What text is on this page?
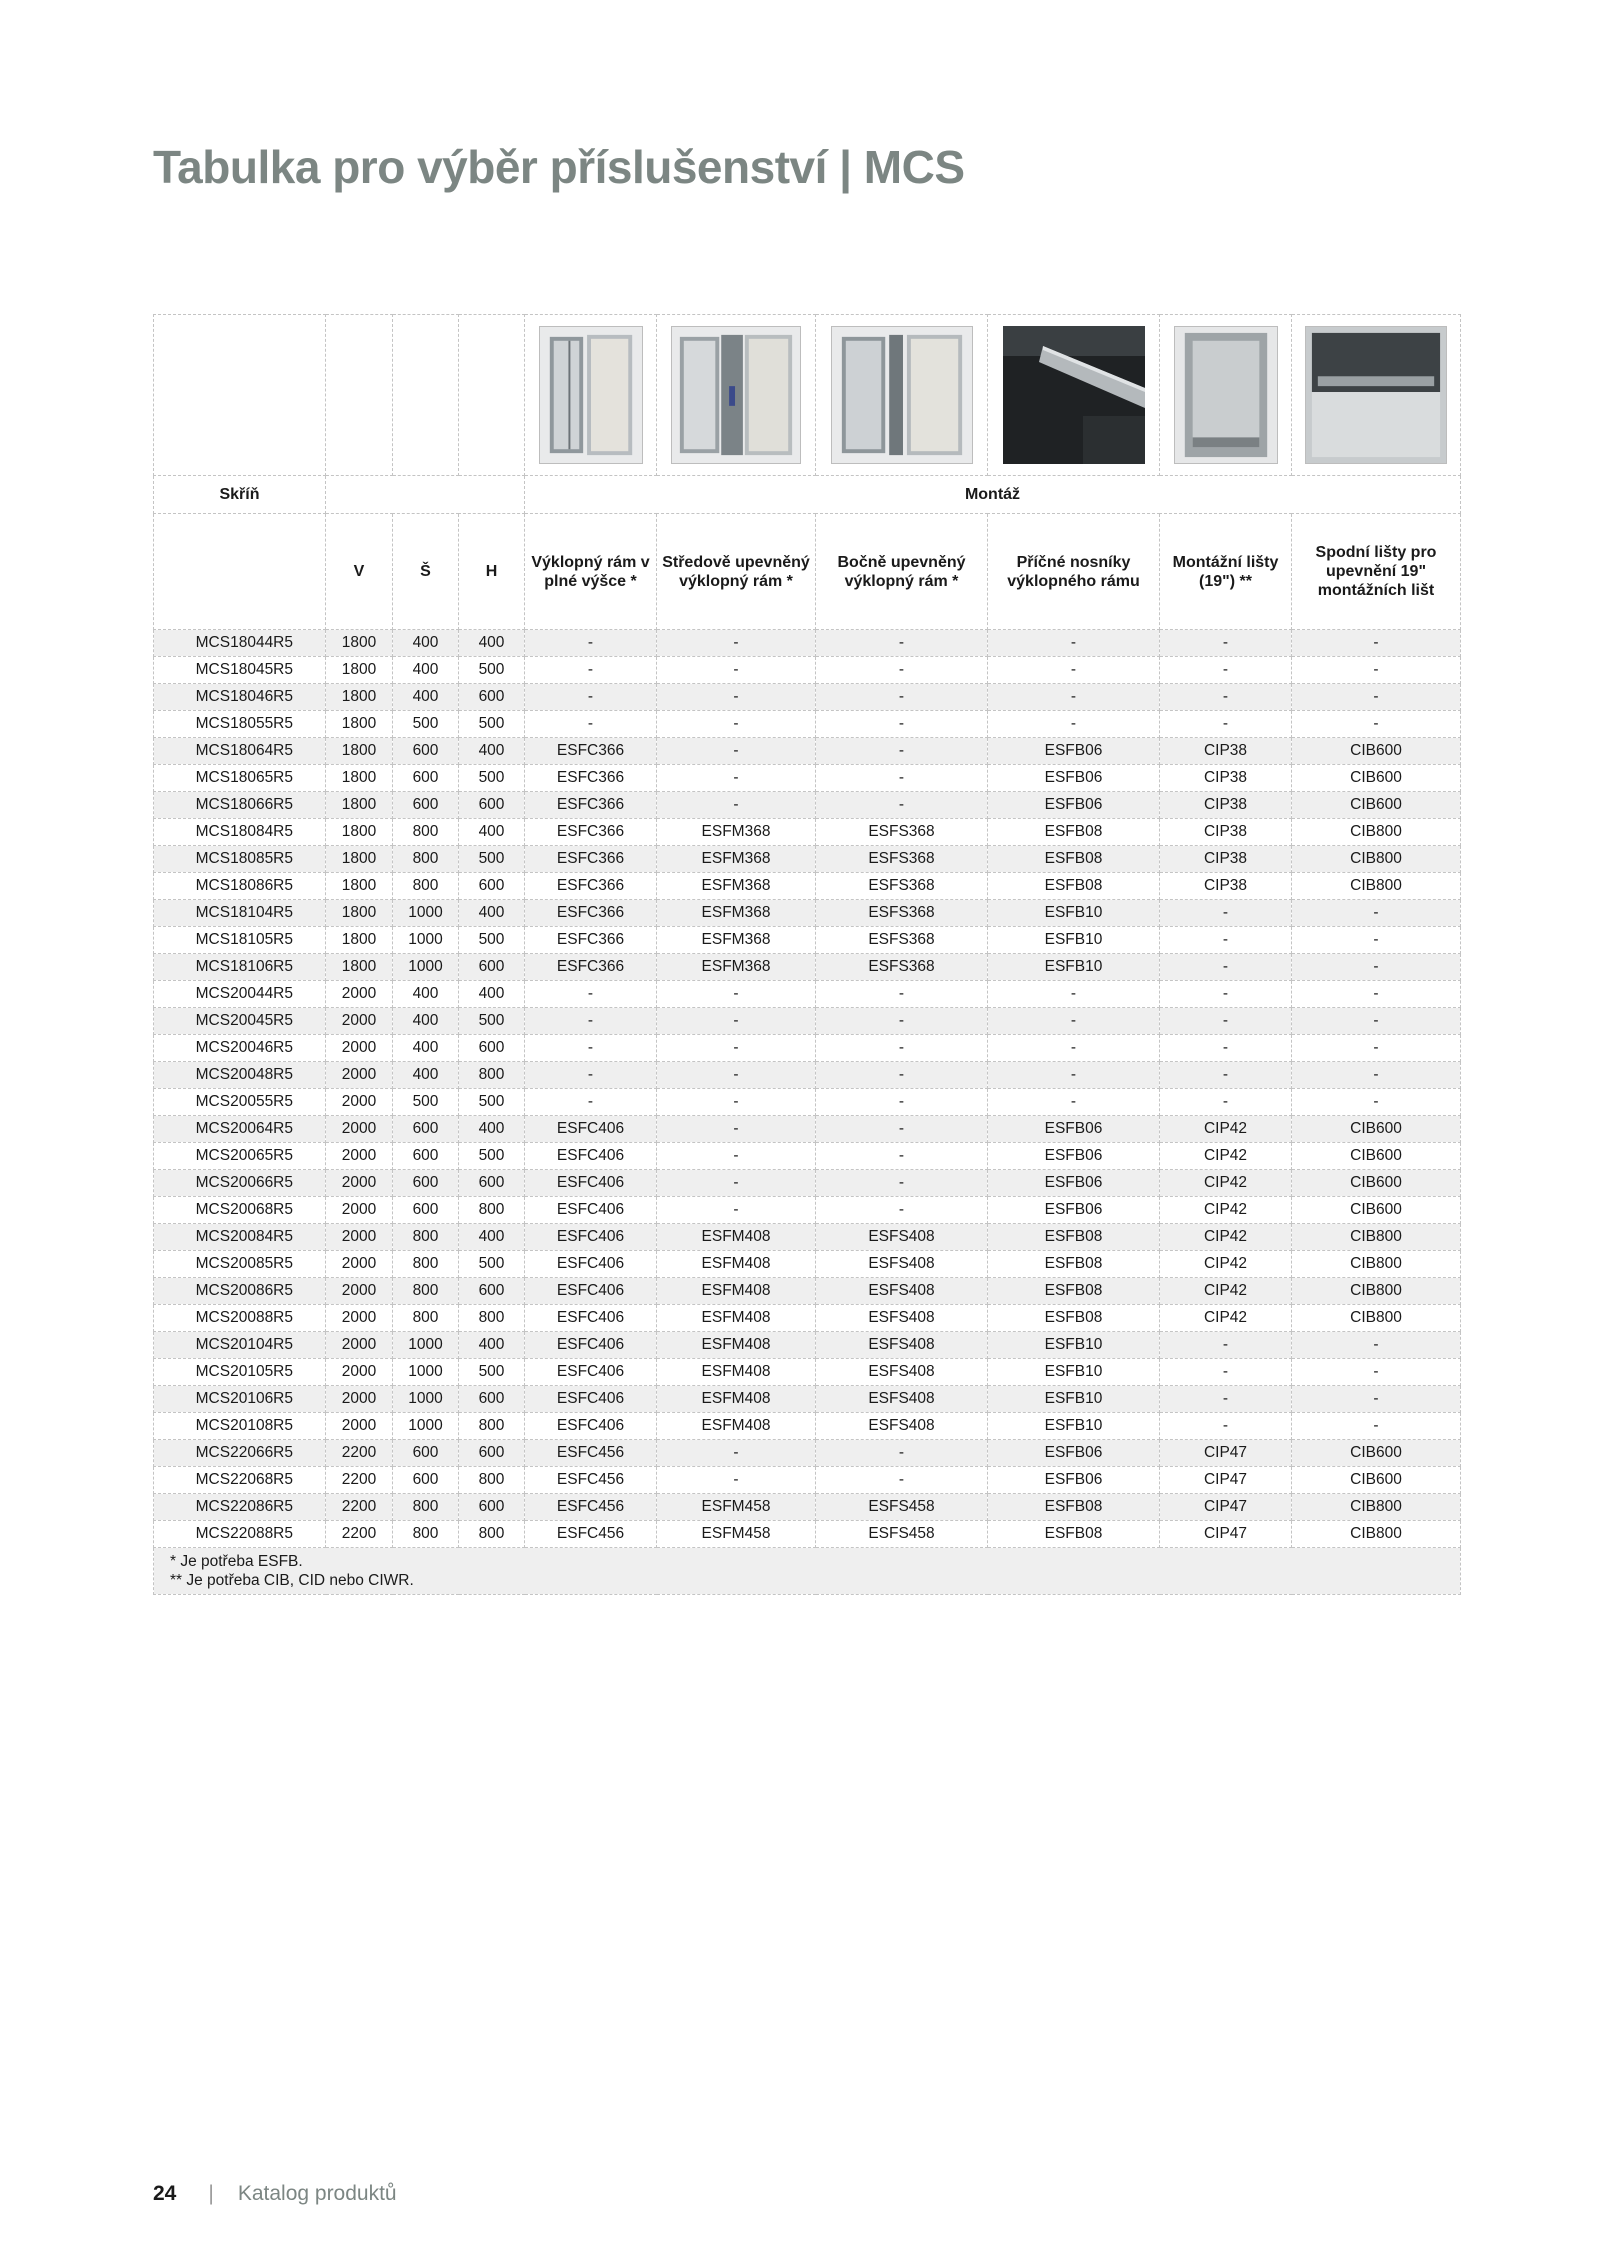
Tabulka pro výběr příslušenství | MCS

Skříň				Montáž					
	V	Š	H	Výklopný rám v plné výšce *	Středově upevněný výklopný rám *	Bočně upevněný výklopný rám *	Příčné nosníky výklopného rámu	Montážní lišty (19") **	Spodní lišty pro upevnění 19" montážních lišt
MCS18044R5	1800	400	400	-	-	-	-	-	-
MCS18045R5	1800	400	500	-	-	-	-	-	-
MCS18046R5	1800	400	600	-	-	-	-	-	-
MCS18055R5	1800	500	500	-	-	-	-	-	-
MCS18064R5	1800	600	400	ESFC366	-	-	ESFB06	CIP38	CIB600
MCS18065R5	1800	600	500	ESFC366	-	-	ESFB06	CIP38	CIB600
MCS18066R5	1800	600	600	ESFC366	-	-	ESFB06	CIP38	CIB600
MCS18084R5	1800	800	400	ESFC366	ESFM368	ESFS368	ESFB08	CIP38	CIB800
MCS18085R5	1800	800	500	ESFC366	ESFM368	ESFS368	ESFB08	CIP38	CIB800
MCS18086R5	1800	800	600	ESFC366	ESFM368	ESFS368	ESFB08	CIP38	CIB800
MCS18104R5	1800	1000	400	ESFC366	ESFM368	ESFS368	ESFB10	-	-
MCS18105R5	1800	1000	500	ESFC366	ESFM368	ESFS368	ESFB10	-	-
MCS18106R5	1800	1000	600	ESFC366	ESFM368	ESFS368	ESFB10	-	-
MCS20044R5	2000	400	400	-	-	-	-	-	-
MCS20045R5	2000	400	500	-	-	-	-	-	-
MCS20046R5	2000	400	600	-	-	-	-	-	-
MCS20048R5	2000	400	800	-	-	-	-	-	-
MCS20055R5	2000	500	500	-	-	-	-	-	-
MCS20064R5	2000	600	400	ESFC406	-	-	ESFB06	CIP42	CIB600
MCS20065R5	2000	600	500	ESFC406	-	-	ESFB06	CIP42	CIB600
MCS20066R5	2000	600	600	ESFC406	-	-	ESFB06	CIP42	CIB600
MCS20068R5	2000	600	800	ESFC406	-	-	ESFB06	CIP42	CIB600
MCS20084R5	2000	800	400	ESFC406	ESFM408	ESFS408	ESFB08	CIP42	CIB800
MCS20085R5	2000	800	500	ESFC406	ESFM408	ESFS408	ESFB08	CIP42	CIB800
MCS20086R5	2000	800	600	ESFC406	ESFM408	ESFS408	ESFB08	CIP42	CIB800
MCS20088R5	2000	800	800	ESFC406	ESFM408	ESFS408	ESFB08	CIP42	CIB800
MCS20104R5	2000	1000	400	ESFC406	ESFM408	ESFS408	ESFB10	-	-
MCS20105R5	2000	1000	500	ESFC406	ESFM408	ESFS408	ESFB10	-	-
MCS20106R5	2000	1000	600	ESFC406	ESFM408	ESFS408	ESFB10	-	-
MCS20108R5	2000	1000	800	ESFC406	ESFM408	ESFS408	ESFB10	-	-
MCS22066R5	2200	600	600	ESFC456	-	-	ESFB06	CIP47	CIB600
MCS22068R5	2200	600	800	ESFC456	-	-	ESFB06	CIP47	CIB600
MCS22086R5	2200	800	600	ESFC456	ESFM458	ESFS458	ESFB08	CIP47	CIB800
MCS22088R5	2200	800	800	ESFC456	ESFM458	ESFS458	ESFB08	CIP47	CIB800

* Je potřeba ESFB.
** Je potřeba CIB, CID nebo CIWR.									
24 | Katalog produktů
